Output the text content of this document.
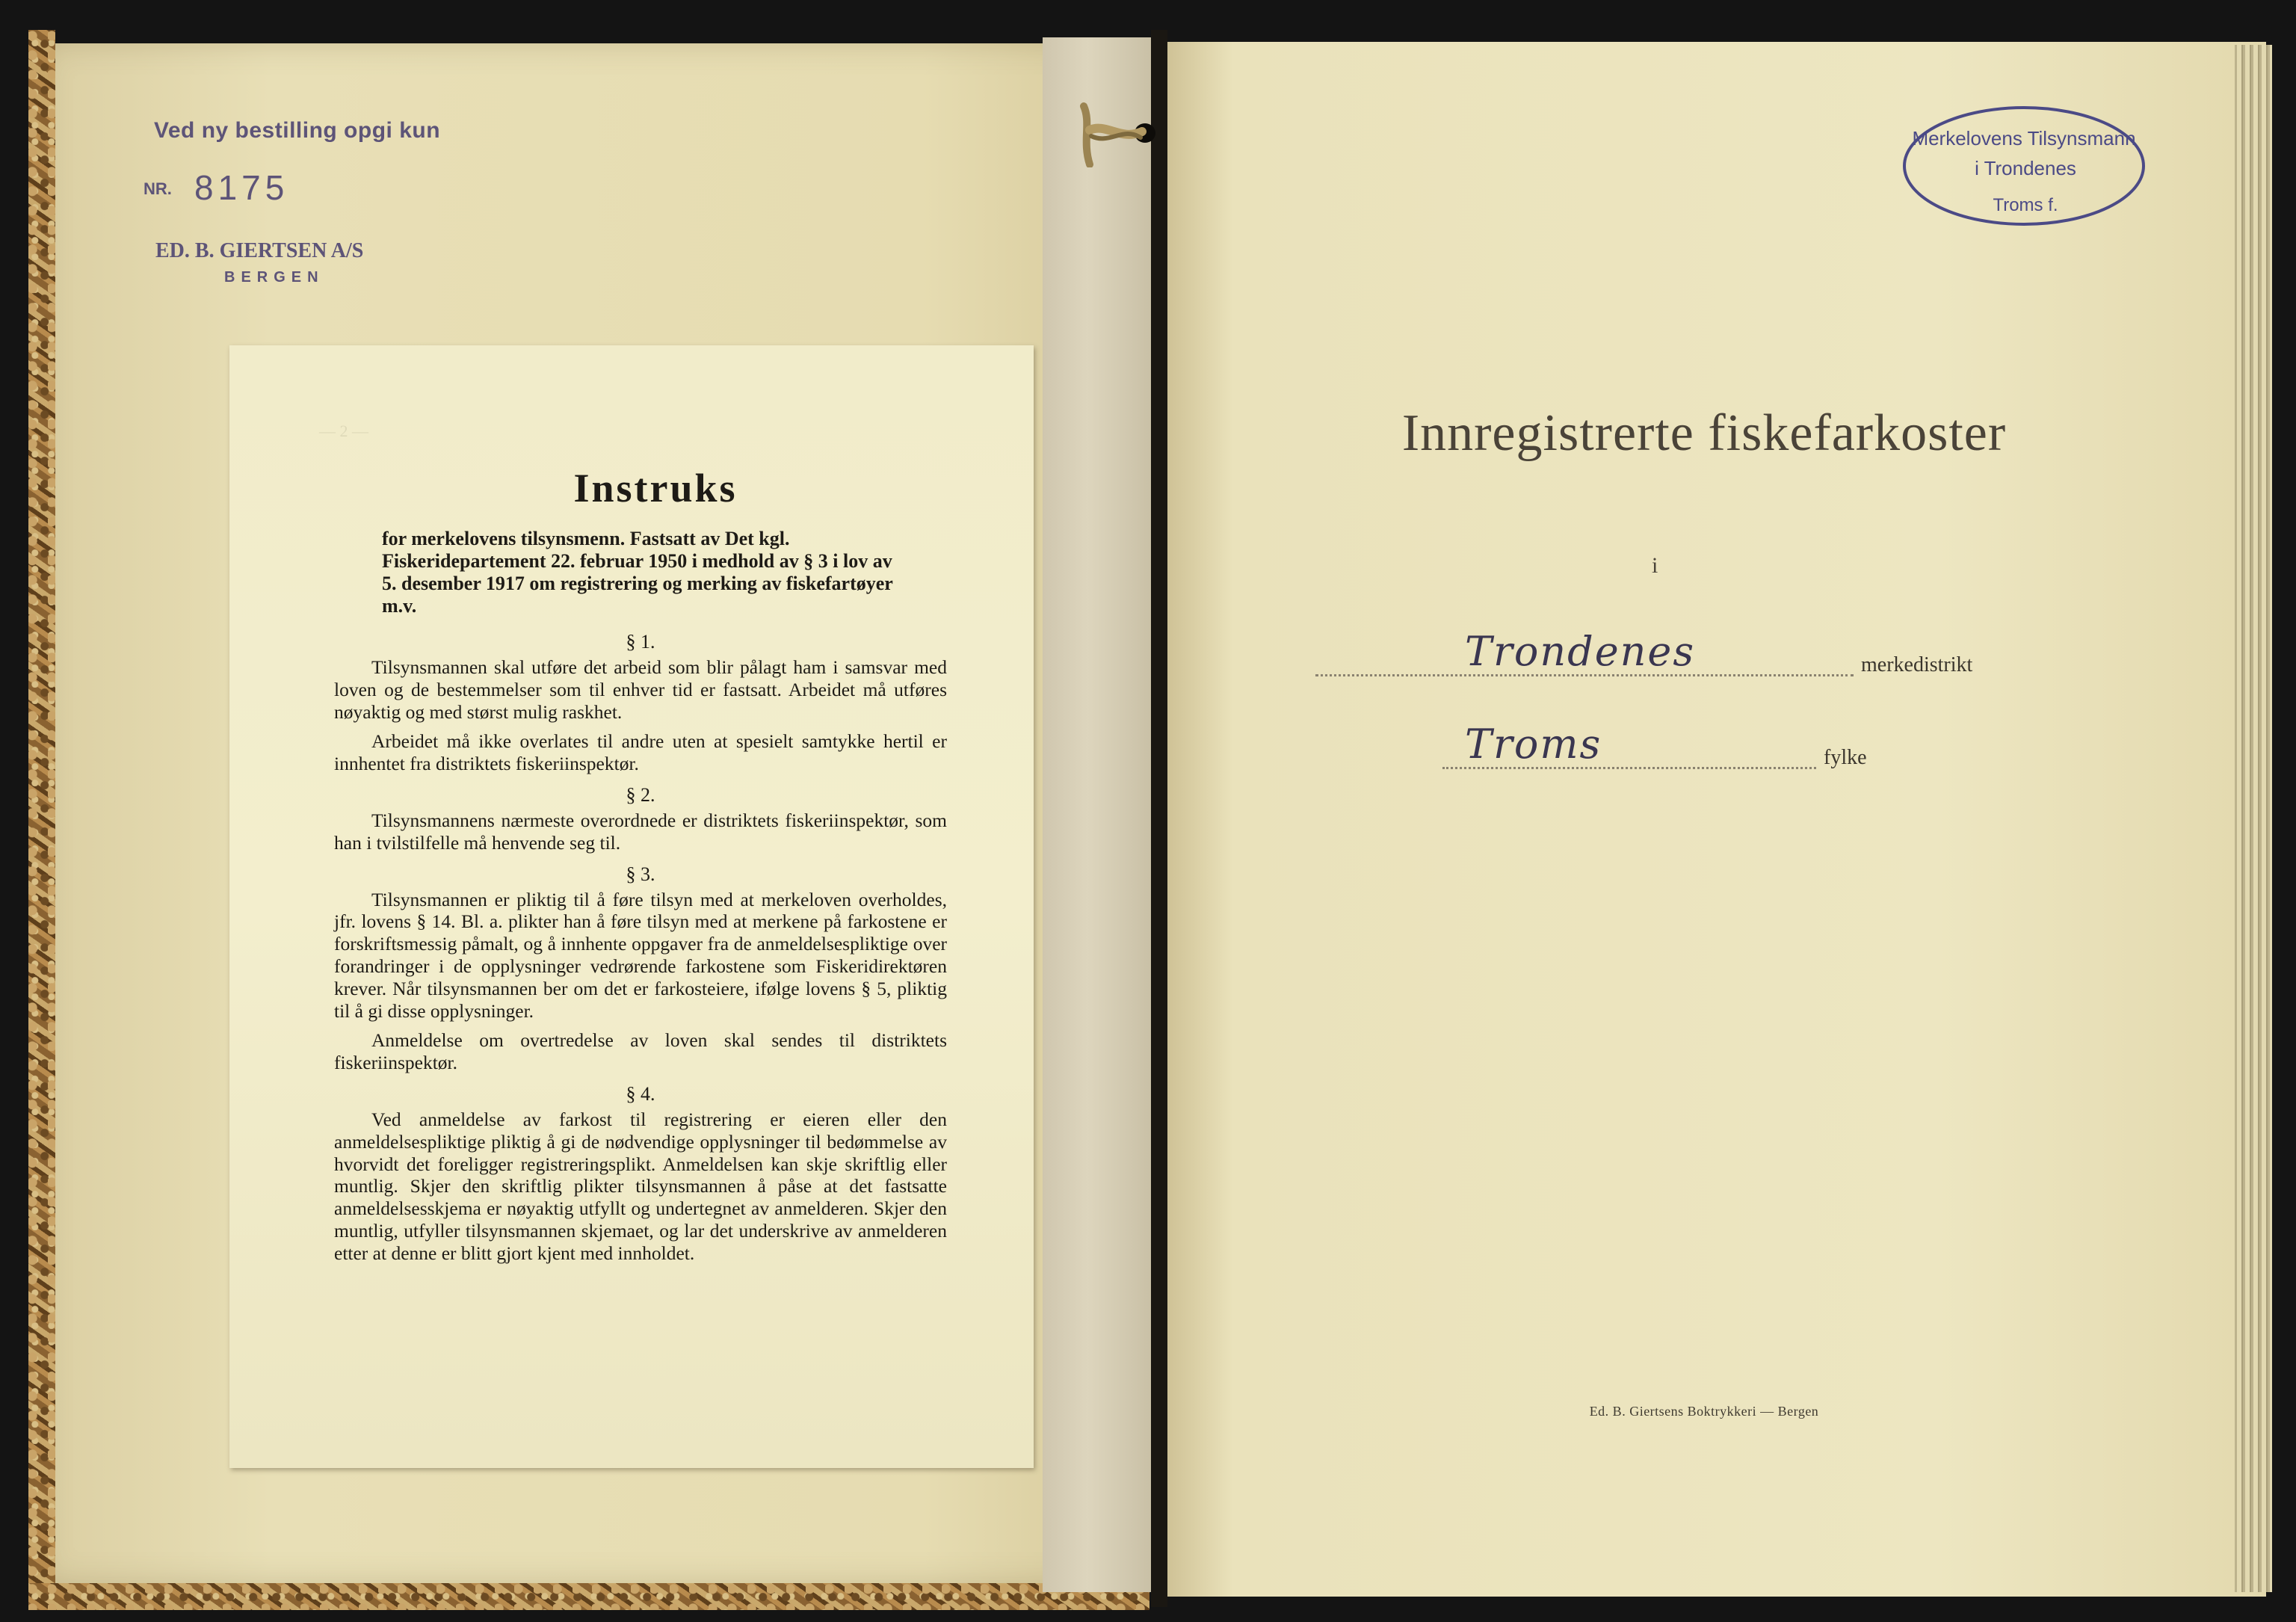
Ved ny bestilling opgi kun
NR. 8175
ED. B. GIERTSEN A/S
BERGEN
— 2 —

Instruks

for merkelovens tilsynsmenn. Fastsatt av Det kgl. Fiskeridepartement 22. februar 1950 i medhold av § 3 i lov av 5. desember 1917 om registrering og merking av fiskefartøyer m.v.

§ 1.

Tilsynsmannen skal utføre det arbeid som blir pålagt ham i samsvar med loven og de bestemmelser som til enhver tid er fastsatt. Arbeidet må utføres nøyaktig og med størst mulig raskhet.

Arbeidet må ikke overlates til andre uten at spesielt samtykke hertil er innhentet fra distriktets fiskeriinspektør.

§ 2.

Tilsynsmannens nærmeste overordnede er distriktets fiskeriinspektør, som han i tvilstilfelle må henvende seg til.

§ 3.

Tilsynsmannen er pliktig til å føre tilsyn med at merkeloven overholdes, jfr. lovens § 14. Bl. a. plikter han å føre tilsyn med at merkene på farkostene er forskriftsmessig påmalt, og å innhente oppgaver fra de anmeldelsespliktige over forandringer i de opplysninger vedrørende farkostene som Fiskeridirektøren krever. Når tilsynsmannen ber om det er farkosteiere, ifølge lovens § 5, pliktig til å gi disse opplysninger.

Anmeldelse om overtredelse av loven skal sendes til distriktets fiskeriinspektør.

§ 4.

Ved anmeldelse av farkost til registrering er eieren eller den anmeldelsespliktige pliktig å gi de nødvendige opplysninger til bedømmelse av hvorvidt det foreligger registreringsplikt. Anmeldelsen kan skje skriftlig eller muntlig. Skjer den skriftlig plikter tilsynsmannen å påse at det fastsatte anmeldelsesskjema er nøyaktig utfyllt og undertegnet av anmelderen. Skjer den muntlig, utfyller tilsynsmannen skjemaet, og lar det underskrive av anmelderen etter at denne er blitt gjort kjent med innholdet.

Merkelovens Tilsynsmann
i Trondenes
Troms f.
Innregistrerte fiskefarkoster
i
Trondenes	merkedistrikt
Troms	fylke
Ed. B. Giertsens Boktrykkeri — Bergen
